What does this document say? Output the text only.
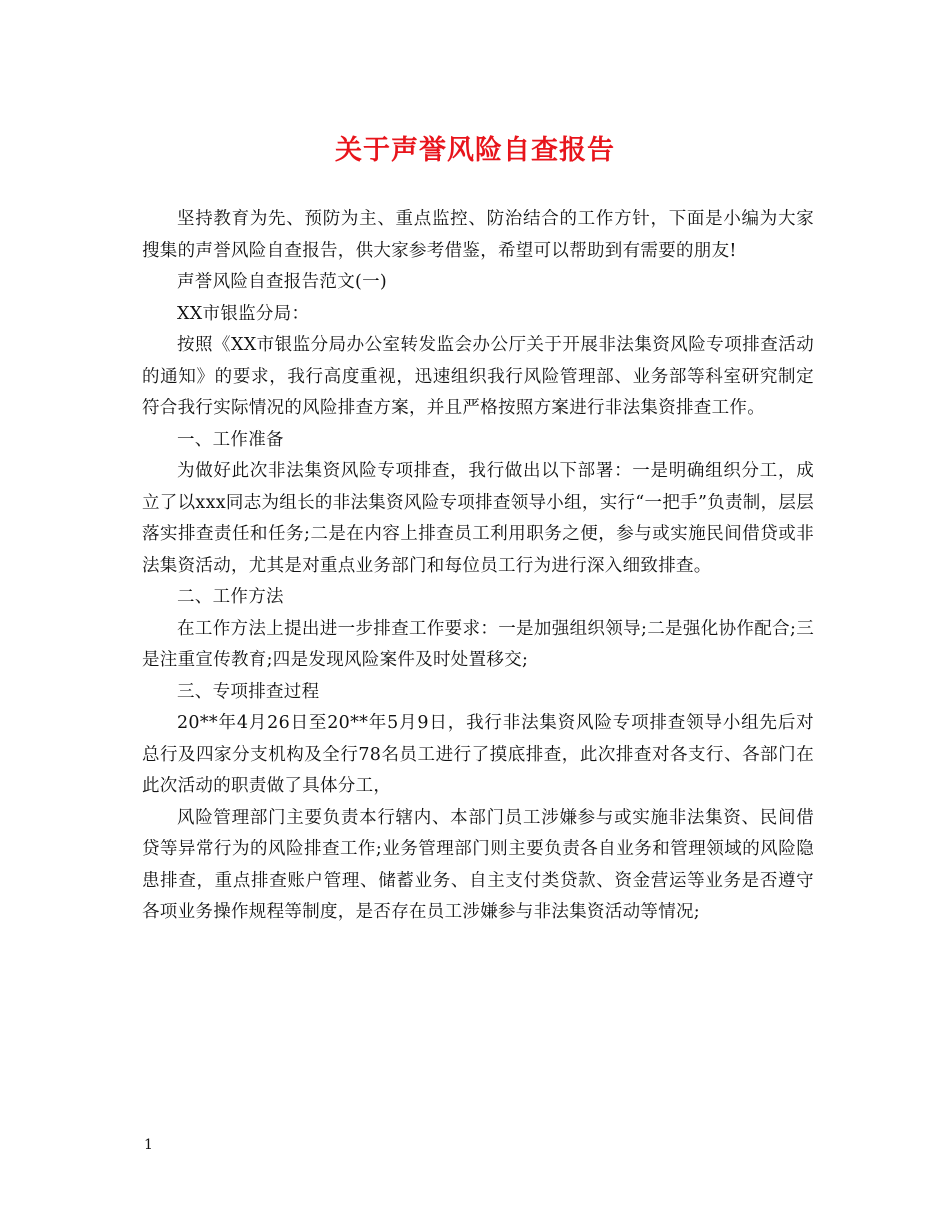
关于声誉风险自查报告

坚持教育为先、预防为主、重点监控、防治结合的工作方针，下面是小编为大家搜集的声誉风险自查报告，供大家参考借鉴，希望可以帮助到有需要的朋友!

声誉风险自查报告范文(一)

XX市银监分局：

按照《XX市银监分局办公室转发监会办公厅关于开展非法集资风险专项排查活动的通知》的要求，我行高度重视，迅速组织我行风险管理部、业务部等科室研究制定符合我行实际情况的风险排查方案，并且严格按照方案进行非法集资排查工作。

一、工作准备

为做好此次非法集资风险专项排查，我行做出以下部署：一是明确组织分工，成立了以xxx同志为组长的非法集资风险专项排查领导小组，实行“一把手”负责制，层层落实排查责任和任务;二是在内容上排查员工利用职务之便，参与或实施民间借贷或非法集资活动，尤其是对重点业务部门和每位员工行为进行深入细致排查。

二、工作方法

在工作方法上提出进一步排查工作要求：一是加强组织领导;二是强化协作配合;三是注重宣传教育;四是发现风险案件及时处置移交;

三、专项排查过程

20**年4月26日至20**年5月9日，我行非法集资风险专项排查领导小组先后对总行及四家分支机构及全行78名员工进行了摸底排查，此次排查对各支行、各部门在此次活动的职责做了具体分工，

风险管理部门主要负责本行辖内、本部门员工涉嫌参与或实施非法集资、民间借贷等异常行为的风险排查工作;业务管理部门则主要负责各自业务和管理领域的风险隐患排查，重点排查账户管理、储蓄业务、自主支付类贷款、资金营运等业务是否遵守各项业务操作规程等制度，是否存在员工涉嫌参与非法集资活动等情况;

1
